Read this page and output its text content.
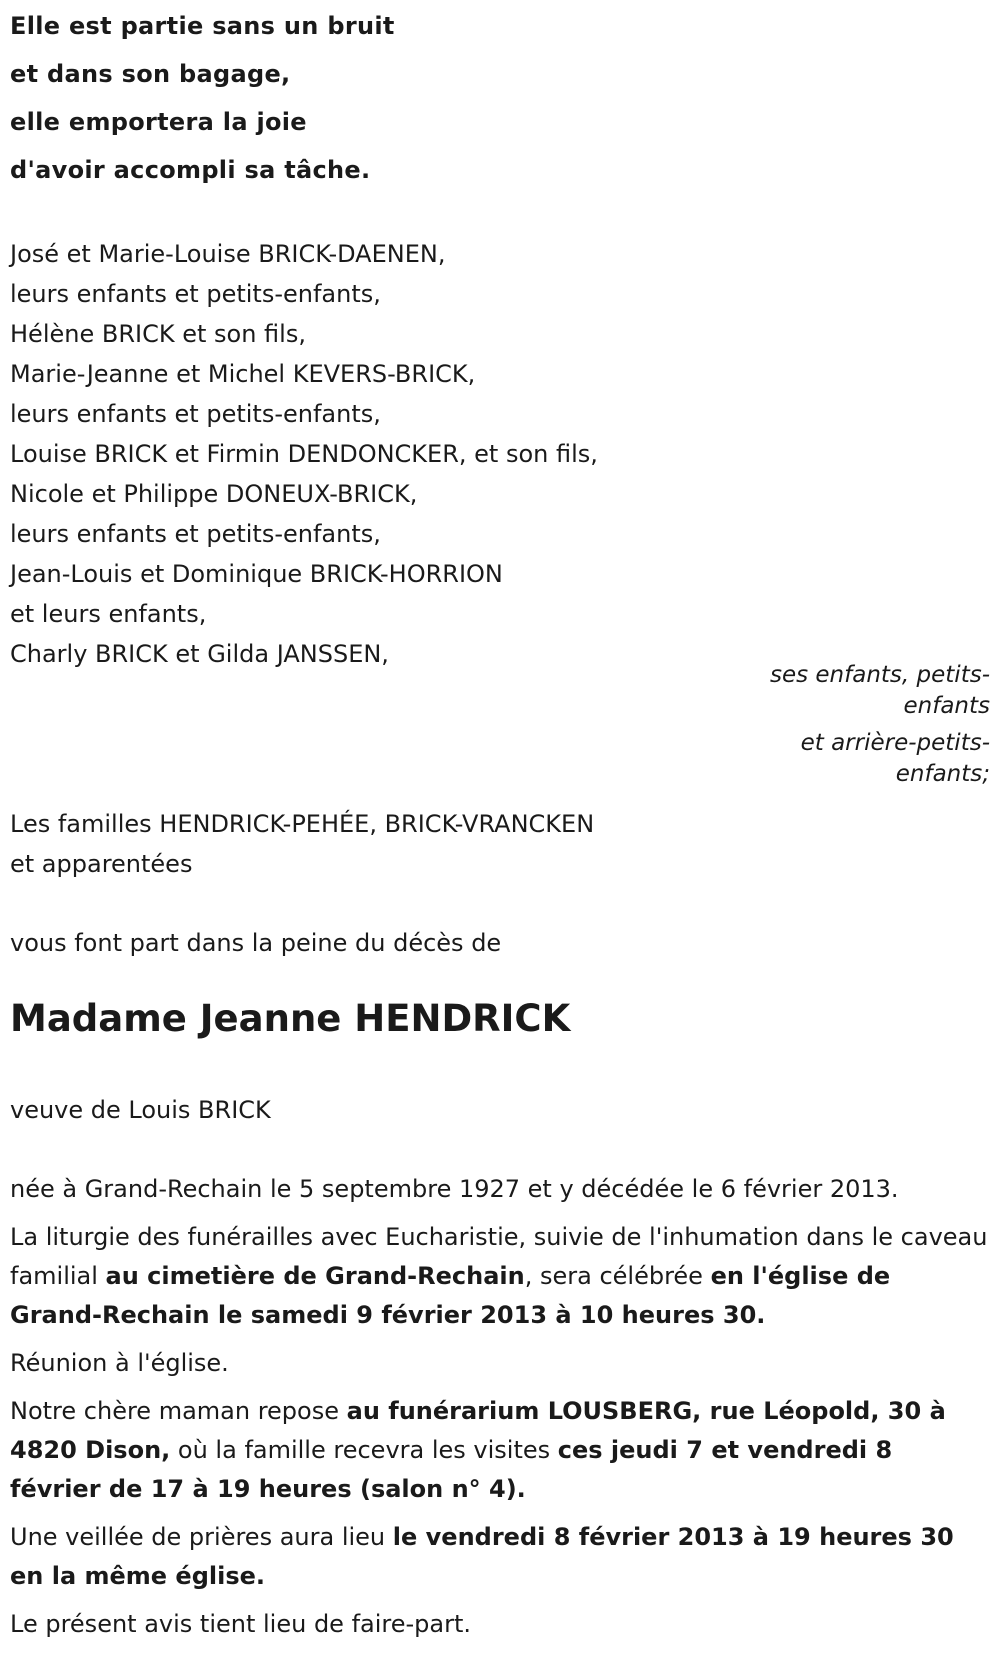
Elle est partie sans un bruit

et dans son bagage,

elle emportera la joie

d'avoir accompli sa tâche.

José et Marie-Louise BRICK-DAENEN,

leurs enfants et petits-enfants,

Hélène BRICK et son fils,

Marie-Jeanne et Michel KEVERS-BRICK,

leurs enfants et petits-enfants,

Louise BRICK et Firmin DENDONCKER, et son fils,

Nicole et Philippe DONEUX-BRICK,

leurs enfants et petits-enfants,

Jean-Louis et Dominique BRICK-HORRION

et leurs enfants,

Charly BRICK et Gilda JANSSEN,

ses enfants, petits-enfants

et arrière-petits-enfants;

Les familles HENDRICK-PEHÉE, BRICK-VRANCKEN

et apparentées

vous font part dans la peine du décès de

Madame Jeanne HENDRICK

veuve de Louis BRICK

née à Grand-Rechain le 5 septembre 1927 et y décédée le 6 février 2013.

La liturgie des funérailles avec Eucharistie, suivie de l'inhumation dans le caveau familial au cimetière de Grand-Rechain, sera célébrée en l'église de Grand-Rechain le samedi 9 février 2013 à 10 heures 30.

Réunion à l'église.

Notre chère maman repose au funérarium LOUSBERG, rue Léopold, 30 à 4820 Dison, où la famille recevra les visites ces jeudi 7 et vendredi 8 février de 17 à 19 heures (salon n° 4).

Une veillée de prières aura lieu le vendredi 8 février 2013 à 19 heures 30 en la même église.

Le présent avis tient lieu de faire-part.
